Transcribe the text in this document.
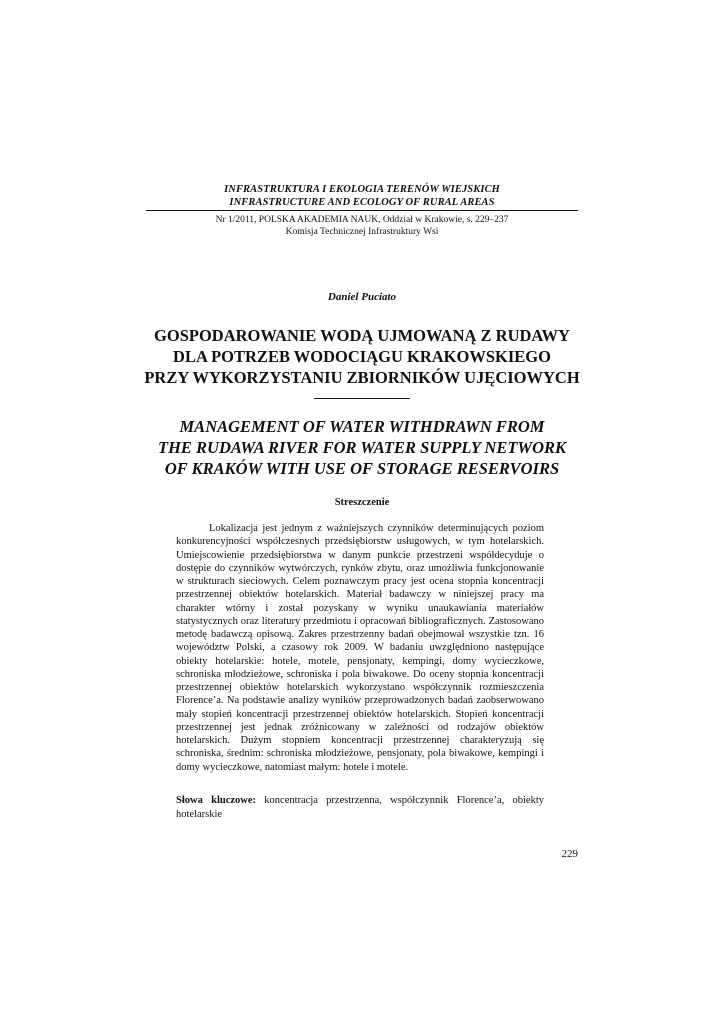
INFRASTRUKTURA I EKOLOGIA TERENÓW WIEJSKICH
INFRASTRUCTURE AND ECOLOGY OF RURAL AREAS
Nr 1/2011, POLSKA AKADEMIA NAUK, Oddział w Krakowie, s. 229–237
Komisja Technicznej Infrastruktury Wsi
Daniel Puciato
GOSPODAROWANIE WODĄ UJMOWANĄ Z RUDAWY
DLA POTRZEB WODOCIĄGU KRAKOWSKIEGO
PRZY WYKORZYSTANIU ZBIORNIKÓW UJĘCIOWYCH
MANAGEMENT OF WATER WITHDRAWN FROM
THE RUDAWA RIVER FOR WATER SUPPLY NETWORK
OF KRAKÓW WITH USE OF STORAGE RESERVOIRS
Streszczenie

Lokalizacja jest jednym z ważniejszych czynników determinujących poziom konkurencyjności współczesnych przedsiębiorstw usługowych, w tym hotelarskich. Umiejscowienie przedsiębiorstwa w danym punkcie przestrzeni współdecyduje o dostępie do czynników wytwórczych, rynków zbytu, oraz umożliwia funkcjonowanie w strukturach sieciowych. Celem poznawczym pracy jest ocena stopnia koncentracji przestrzennej obiektów hotelarskich. Materiał badawczy w niniejszej pracy ma charakter wtórny i został pozyskany w wyniku unaukawiania materiałów statystycznych oraz literatury przedmiotu i opracowań bibliograficznych. Zastosowano metodę badawczą opisową. Zakres przestrzenny badań obejmował wszystkie tzn. 16 województw Polski, a czasowy rok 2009. W badaniu uwzględniono następujące obiekty hotelarskie: hotele, motele, pensjonaty, kempingi, domy wycieczkowe, schroniska młodzieżowe, schroniska i pola biwakowe. Do oceny stopnia koncentracji przestrzennej obiektów hotelarskich wykorzystano współczynnik rozmieszczenia Florence’a. Na podstawie analizy wyników przeprowadzonych badań zaobserwowano mały stopień koncentracji przestrzennej obiektów hotelarskich. Stopień koncentracji przestrzennej jest jednak zróżnicowany w zależności od rodzajów obiektów hotelarskich. Dużym stopniem koncentracji przestrzennej charakteryzują się schroniska, średnim: schroniska młodzieżowe, pensjonaty, pola biwakowe, kempingi i domy wycieczkowe, natomiast małym: hotele i motele.

Słowa kluczowe: koncentracja przestrzenna, współczynnik Florence’a, obiekty hotelarskie

229
